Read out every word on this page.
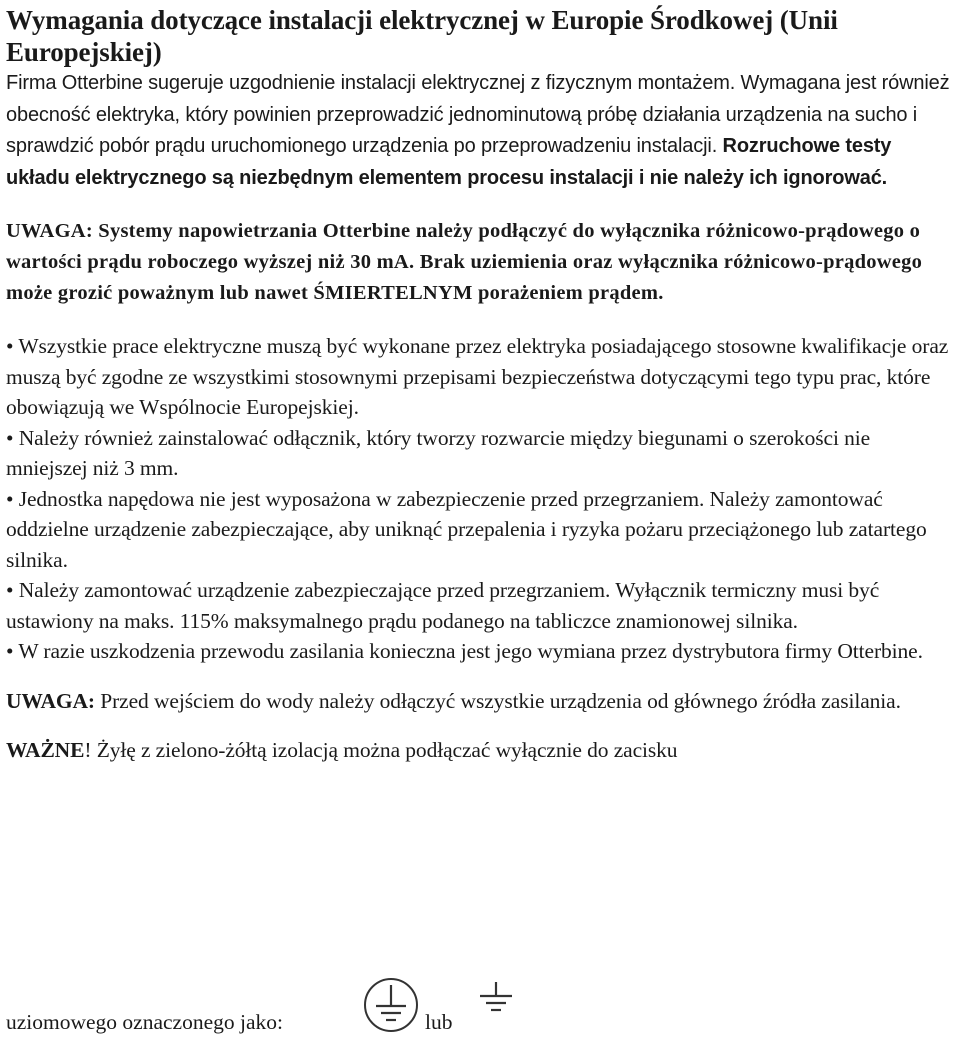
Wymagania dotyczące instalacji elektrycznej w Europie Środkowej (Unii Europejskiej)

Firma Otterbine sugeruje uzgodnienie instalacji elektrycznej z fizycznym montażem. Wymagana jest również obecność elektryka, który powinien przeprowadzić jednominutową próbę działania urządzenia na sucho i sprawdzić pobór prądu uruchomionego urządzenia po przeprowadzeniu instalacji. Rozruchowe testy układu elektrycznego są niezbędnym elementem procesu instalacji i nie należy ich ignorować.

UWAGA: Systemy napowietrzania Otterbine należy podłączyć do wyłącznika różnicowo-prądowego o wartości prądu roboczego wyższej niż 30 mA. Brak uziemienia oraz wyłącznika różnicowo-prądowego może grozić poważnym lub nawet ŚMIERTELNYM porażeniem prądem.

• Wszystkie prace elektryczne muszą być wykonane przez elektryka posiadającego stosowne kwalifikacje oraz muszą być zgodne ze wszystkimi stosownymi przepisami bezpieczeństwa dotyczącymi tego typu prac, które obowiązują we Wspólnocie Europejskiej.

• Należy również zainstalować odłącznik, który tworzy rozwarcie między biegunami o szerokości nie mniejszej niż 3 mm.

• Jednostka napędowa nie jest wyposażona w zabezpieczenie przed przegrzaniem. Należy zamontować oddzielne urządzenie zabezpieczające, aby uniknąć przepalenia i ryzyka pożaru przeciążonego lub zatartego silnika.

• Należy zamontować urządzenie zabezpieczające przed przegrzaniem. Wyłącznik termiczny musi być ustawiony na maks. 115% maksymalnego prądu podanego na tabliczce znamionowej silnika.

• W razie uszkodzenia przewodu zasilania konieczna jest jego wymiana przez dystrybutora firmy Otterbine.

UWAGA: Przed wejściem do wody należy odłączyć wszystkie urządzenia od głównego źródła zasilania.

WAŻNE! Żyłę z zielono-żółtą izolacją można podłączać wyłącznie do zacisku

uziomowego oznaczonego jako:	lub
